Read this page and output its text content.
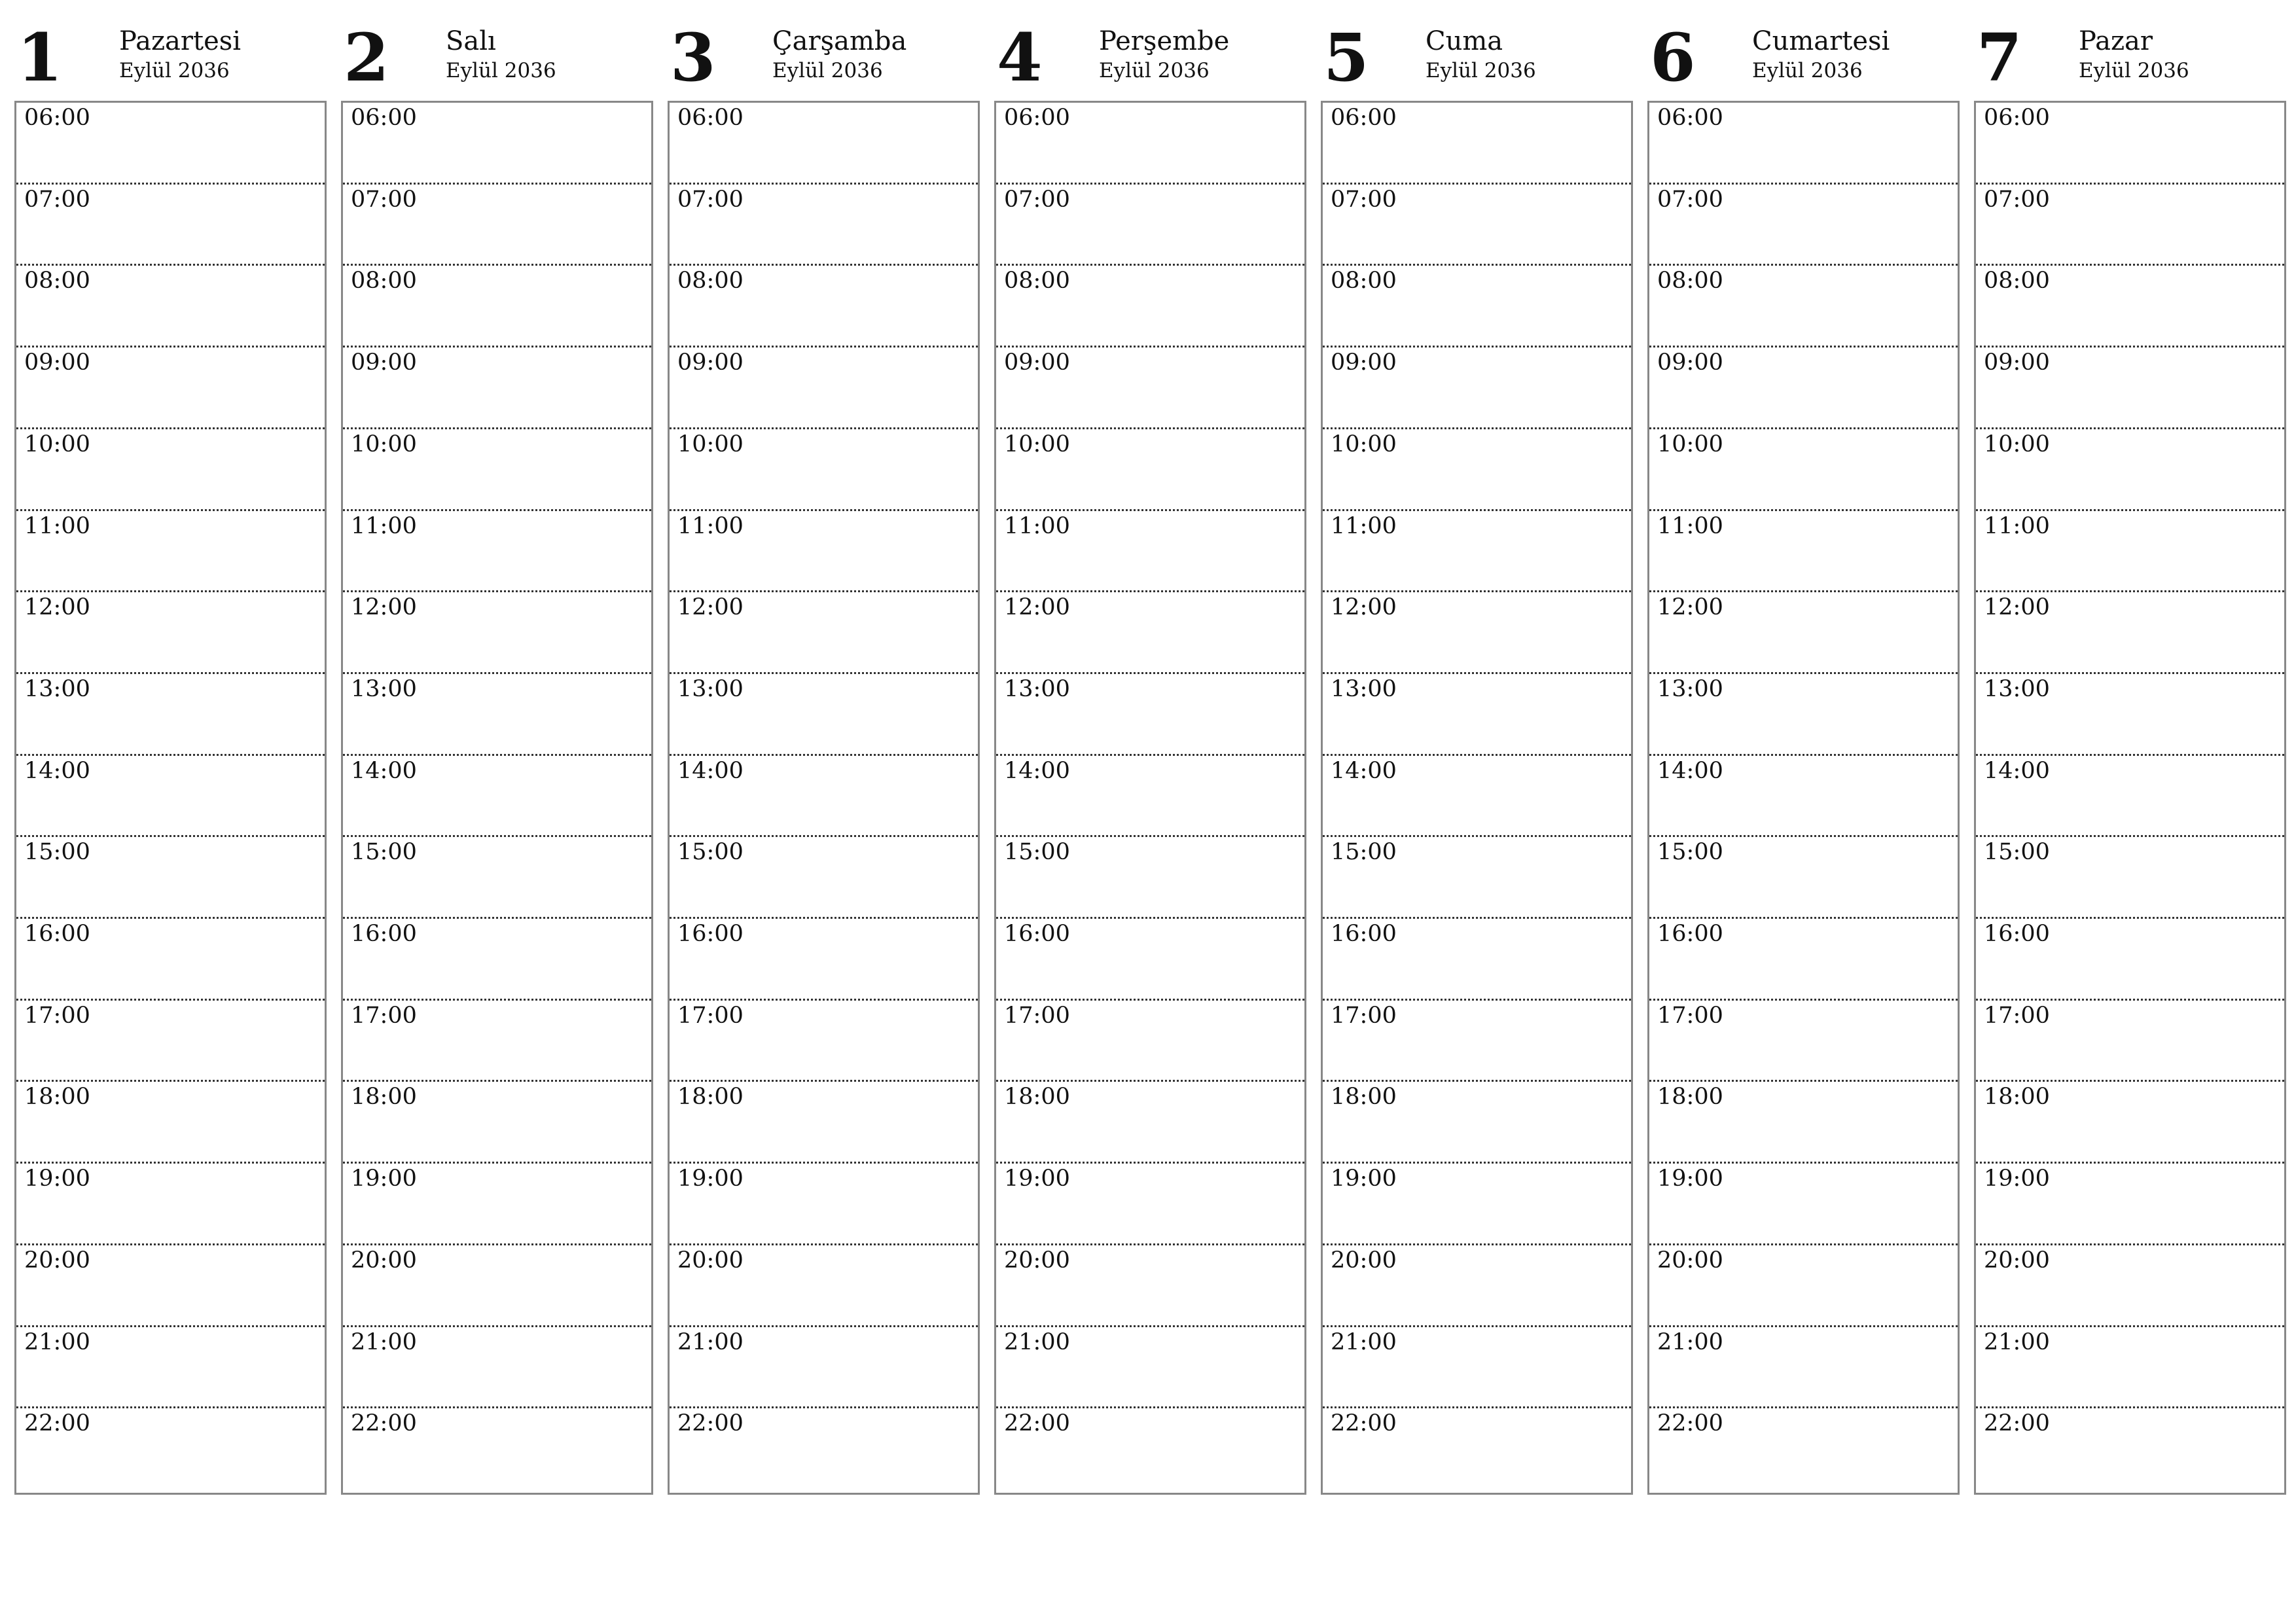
1	Pazartesi
Eylül 2036
06:00
07:00
08:00
09:00
10:00
11:00
12:00
13:00
14:00
15:00
16:00
17:00
18:00
19:00
20:00
21:00
22:00
2	Salı
Eylül 2036
06:00
07:00
08:00
09:00
10:00
11:00
12:00
13:00
14:00
15:00
16:00
17:00
18:00
19:00
20:00
21:00
22:00
3	Çarşamba
Eylül 2036
06:00
07:00
08:00
09:00
10:00
11:00
12:00
13:00
14:00
15:00
16:00
17:00
18:00
19:00
20:00
21:00
22:00
4	Perşembe
Eylül 2036
06:00
07:00
08:00
09:00
10:00
11:00
12:00
13:00
14:00
15:00
16:00
17:00
18:00
19:00
20:00
21:00
22:00
5	Cuma
Eylül 2036
06:00
07:00
08:00
09:00
10:00
11:00
12:00
13:00
14:00
15:00
16:00
17:00
18:00
19:00
20:00
21:00
22:00
6	Cumartesi
Eylül 2036
06:00
07:00
08:00
09:00
10:00
11:00
12:00
13:00
14:00
15:00
16:00
17:00
18:00
19:00
20:00
21:00
22:00
7	Pazar
Eylül 2036
06:00
07:00
08:00
09:00
10:00
11:00
12:00
13:00
14:00
15:00
16:00
17:00
18:00
19:00
20:00
21:00
22:00
